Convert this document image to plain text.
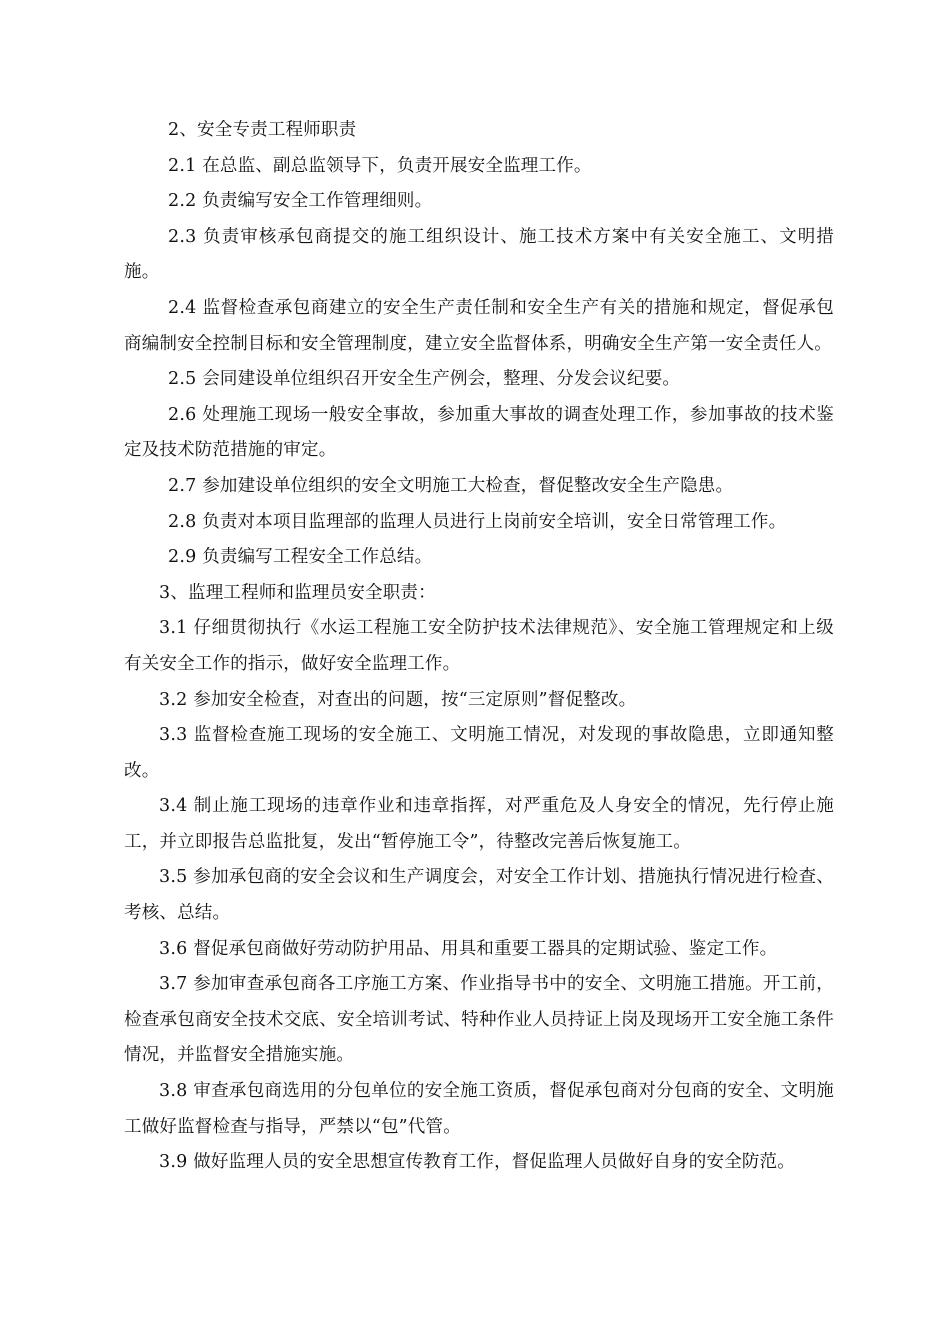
2、安全专责工程师职责

2.1 在总监、副总监领导下，负责开展安全监理工作。

2.2 负责编写安全工作管理细则。

2.3 负责审核承包商提交的施工组织设计、施工技术方案中有关安全施工、文明措施。

2.4 监督检查承包商建立的安全生产责任制和安全生产有关的措施和规定，督促承包商编制安全控制目标和安全管理制度，建立安全监督体系，明确安全生产第一安全责任人。

2.5 会同建设单位组织召开安全生产例会，整理、分发会议纪要。

2.6 处理施工现场一般安全事故，参加重大事故的调查处理工作，参加事故的技术鉴定及技术防范措施的审定。

2.7 参加建设单位组织的安全文明施工大检查，督促整改安全生产隐患。

2.8 负责对本项目监理部的监理人员进行上岗前安全培训，安全日常管理工作。

2.9 负责编写工程安全工作总结。

3、监理工程师和监理员安全职责：

3.1 仔细贯彻执行《水运工程施工安全防护技术法律规范》、安全施工管理规定和上级有关安全工作的指示，做好安全监理工作。

3.2 参加安全检查，对查出的问题，按“三定原则”督促整改。

3.3 监督检查施工现场的安全施工、文明施工情况，对发现的事故隐患，立即通知整改。

3.4 制止施工现场的违章作业和违章指挥，对严重危及人身安全的情况，先行停止施工，并立即报告总监批复，发出“暂停施工令”，待整改完善后恢复施工。

3.5 参加承包商的安全会议和生产调度会，对安全工作计划、措施执行情况进行检查、考核、总结。

3.6 督促承包商做好劳动防护用品、用具和重要工器具的定期试验、鉴定工作。

3.7 参加审查承包商各工序施工方案、作业指导书中的安全、文明施工措施。开工前，检查承包商安全技术交底、安全培训考试、特种作业人员持证上岗及现场开工安全施工条件情况，并监督安全措施实施。

3.8 审查承包商选用的分包单位的安全施工资质，督促承包商对分包商的安全、文明施工做好监督检查与指导，严禁以“包”代管。

3.9 做好监理人员的安全思想宣传教育工作，督促监理人员做好自身的安全防范。
